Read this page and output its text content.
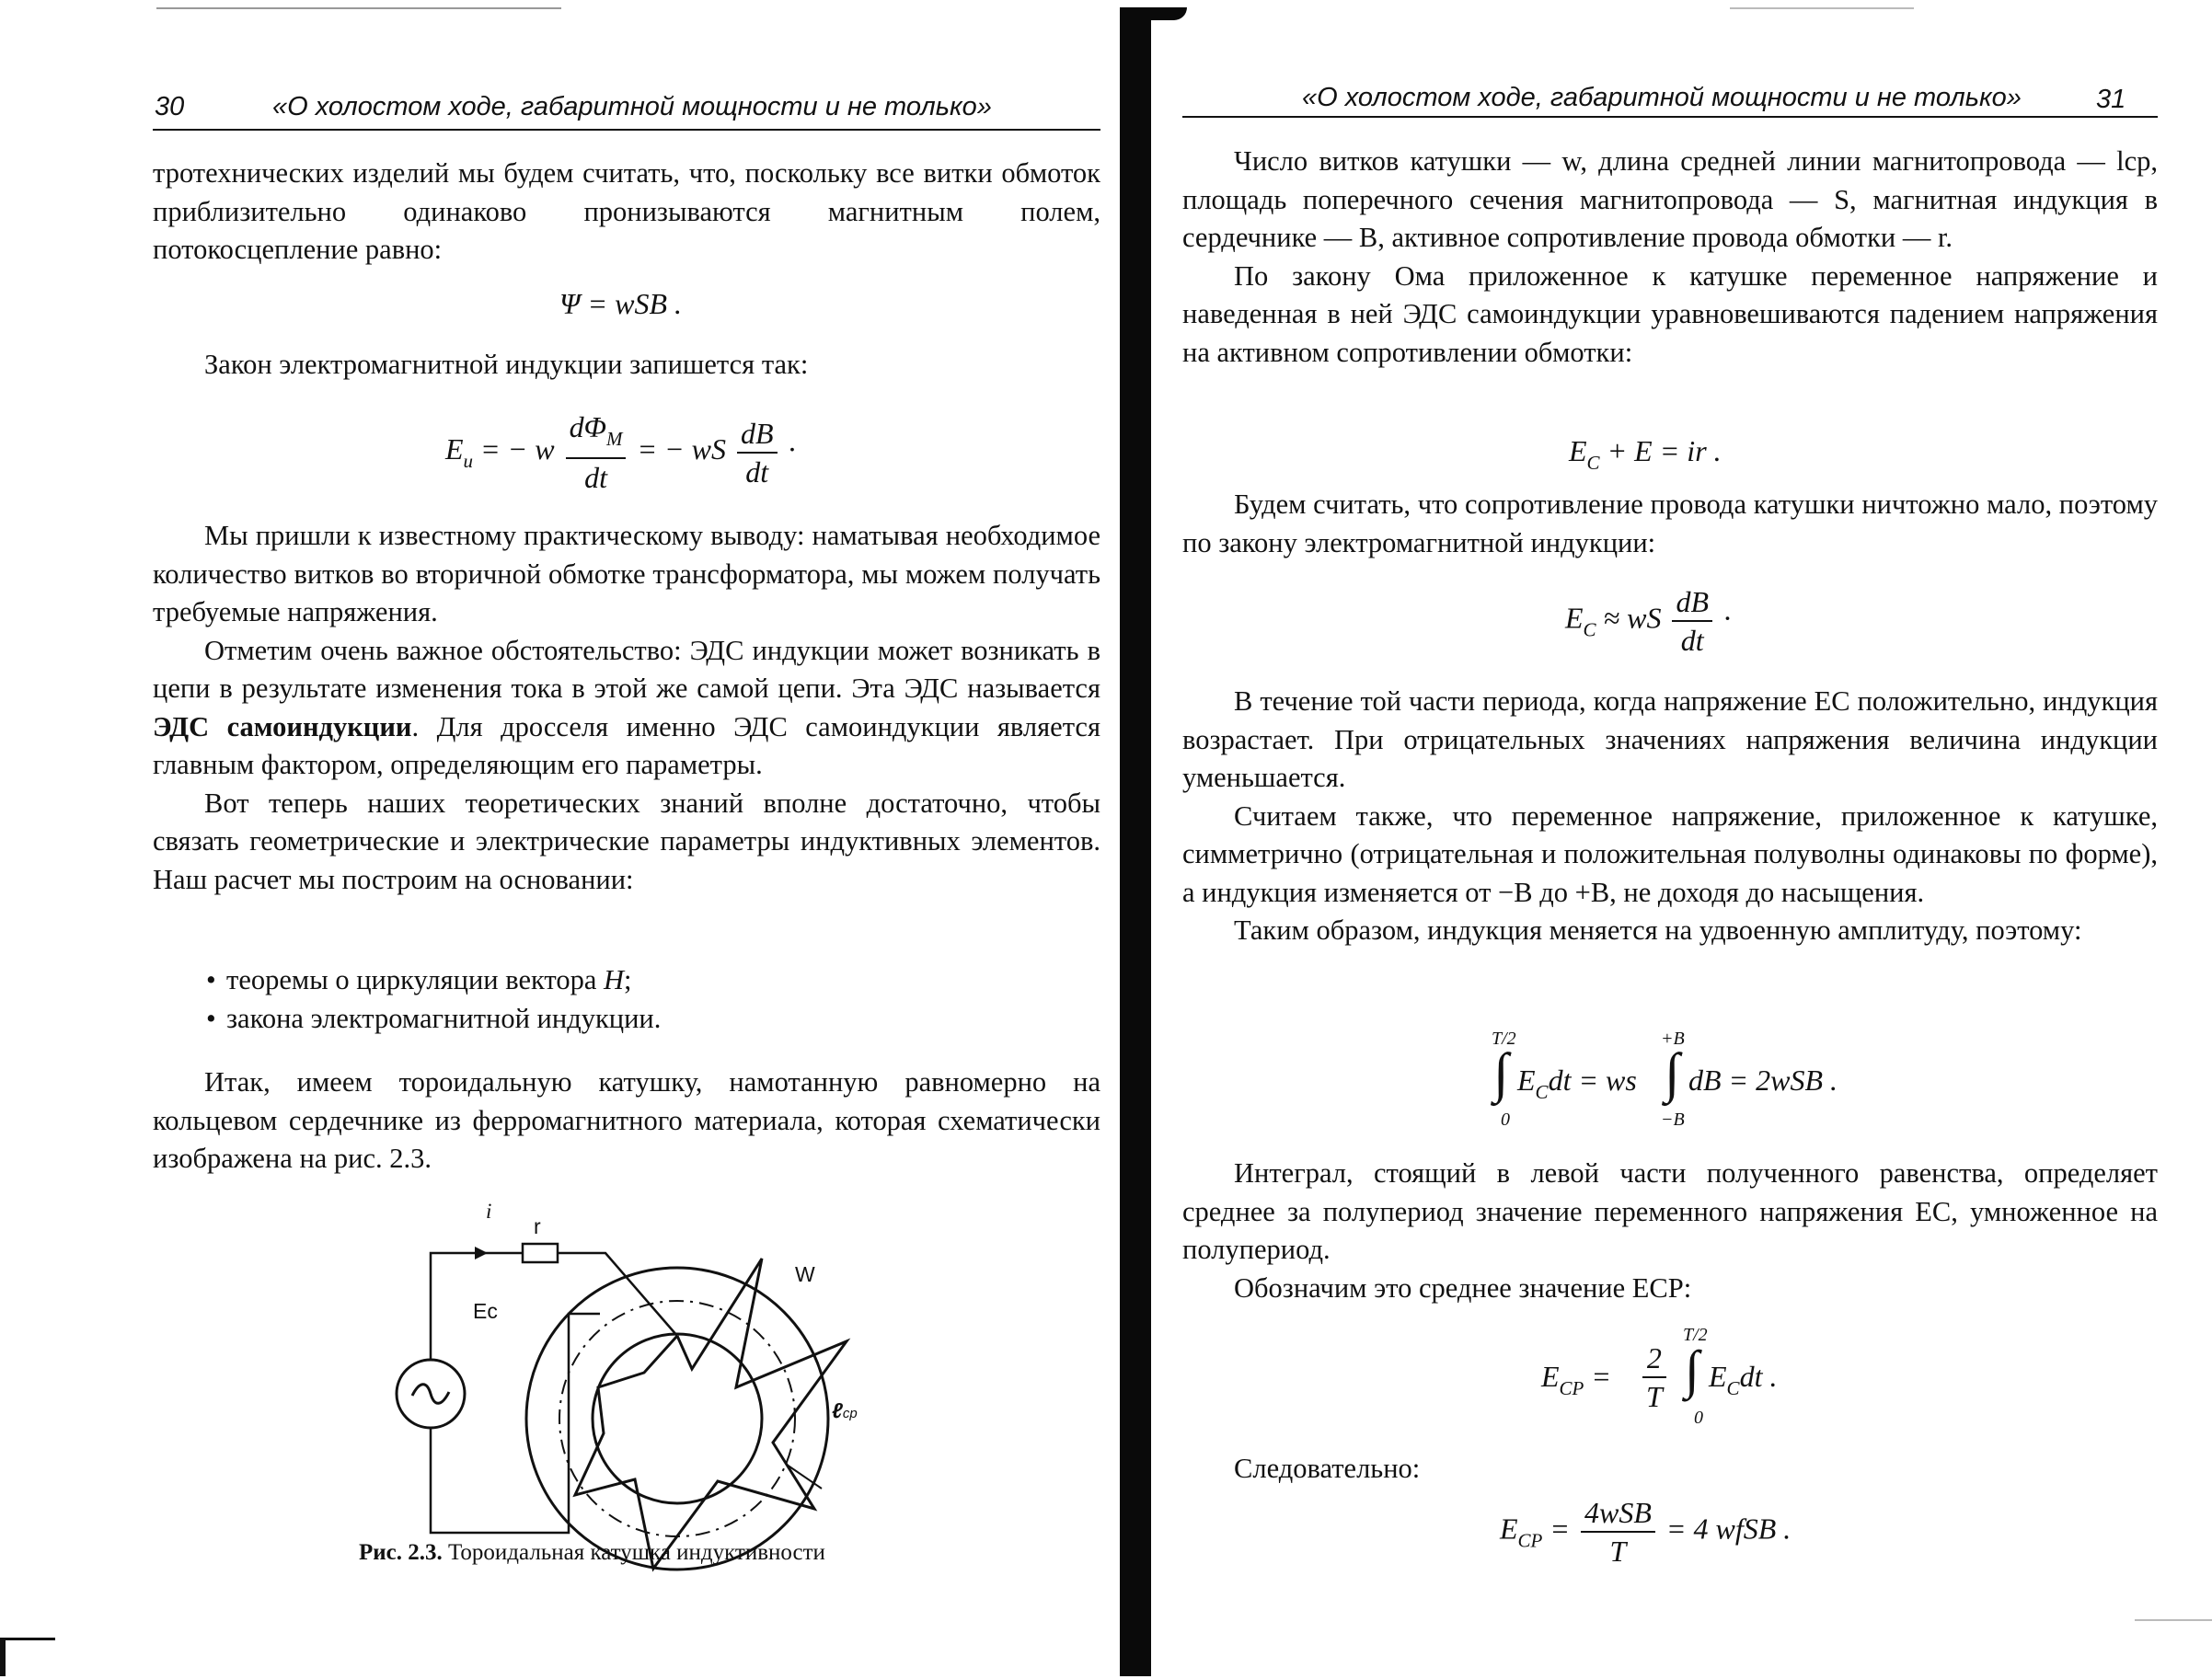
30	«О холостом ходе, габаритной мощности и не только»

тротехнических изделий мы будем считать, что, поскольку все витки обмоток приблизительно одинаково пронизываются магнитным полем, потокосцепление равно:

Ψ = wSB .

Закон электромагнитной индукции запишется так:

$E_и$ = − w $\frac{d\Phi_M}{dt}$ = − wS $\frac{dB}{dt}$ ·

Мы пришли к известному практическому выводу: наматывая необходимое количество витков во вторичной обмотке трансформатора, мы можем получать требуемые напряжения.

Отметим очень важное обстоятельство: ЭДС индукции может возникать в цепи в результате изменения тока в этой же самой цепи. Эта ЭДС называется ЭДС самоиндукции. Для дросселя именно ЭДС самоиндукции является главным фактором, определяющим его параметры.

Вот теперь наших теоретических знаний вполне достаточно, чтобы связать геометрические и электрические параметры индуктивных элементов. Наш расчет мы построим на основании:

• теоремы о циркуляции вектора H;
• закона электромагнитной индукции.

Итак, имеем тороидальную катушку, намотанную равномерно на кольцевом сердечнике из ферромагнитного материала, которая схематически изображена на рис. 2.3.

i
r
Ec
W
ℓср
Рис. 2.3. Тороидальная катушка индуктивности
«О холостом ходе, габаритной мощности и не только»	31

Число витков катушки — w, длина средней линии магнитопровода — lср, площадь поперечного сечения магнитопровода — S, магнитная индукция в сердечнике — B, активное сопротивление провода обмотки — r.

По закону Ома приложенное к катушке переменное напряжение и наведенная в ней ЭДС самоиндукции уравновешиваются падением напряжения на активном сопротивлении обмотки:

$E_C + E$ = ir .

Будем считать, что сопротивление провода катушки ничтожно мало, поэтому по закону электромагнитной индукции:

$E_C$ ≈ wS $\frac{dB}{dt}$ ·

В течение той части периода, когда напряжение EC положительно, индукция возрастает. При отрицательных значениях напряжения величина индукции уменьшается.

Считаем также, что переменное напряжение, приложенное к катушке, симметрично (отрицательная и положительная полуволны одинаковы по форме), а индукция изменяется от −B до +B, не доходя до насыщения.

Таким образом, индукция меняется на удвоенную амплитуду, поэтому:

T/2
∫
0
$E_Cdt$ = ws
+B
∫
−B
dB = 2wSB .

Интеграл, стоящий в левой части полученного равенства, определяет среднее за полупериод значение переменного напряжения EC, умноженное на полупериод.

Обозначим это среднее значение ECP:

$E_{CP} = \frac{2}{T}$
T/2
∫
0
$E_Cdt$ .

Следовательно:

$E_{CP} = \frac{\text{4wSB}}{T} = 4$ wfSB .
